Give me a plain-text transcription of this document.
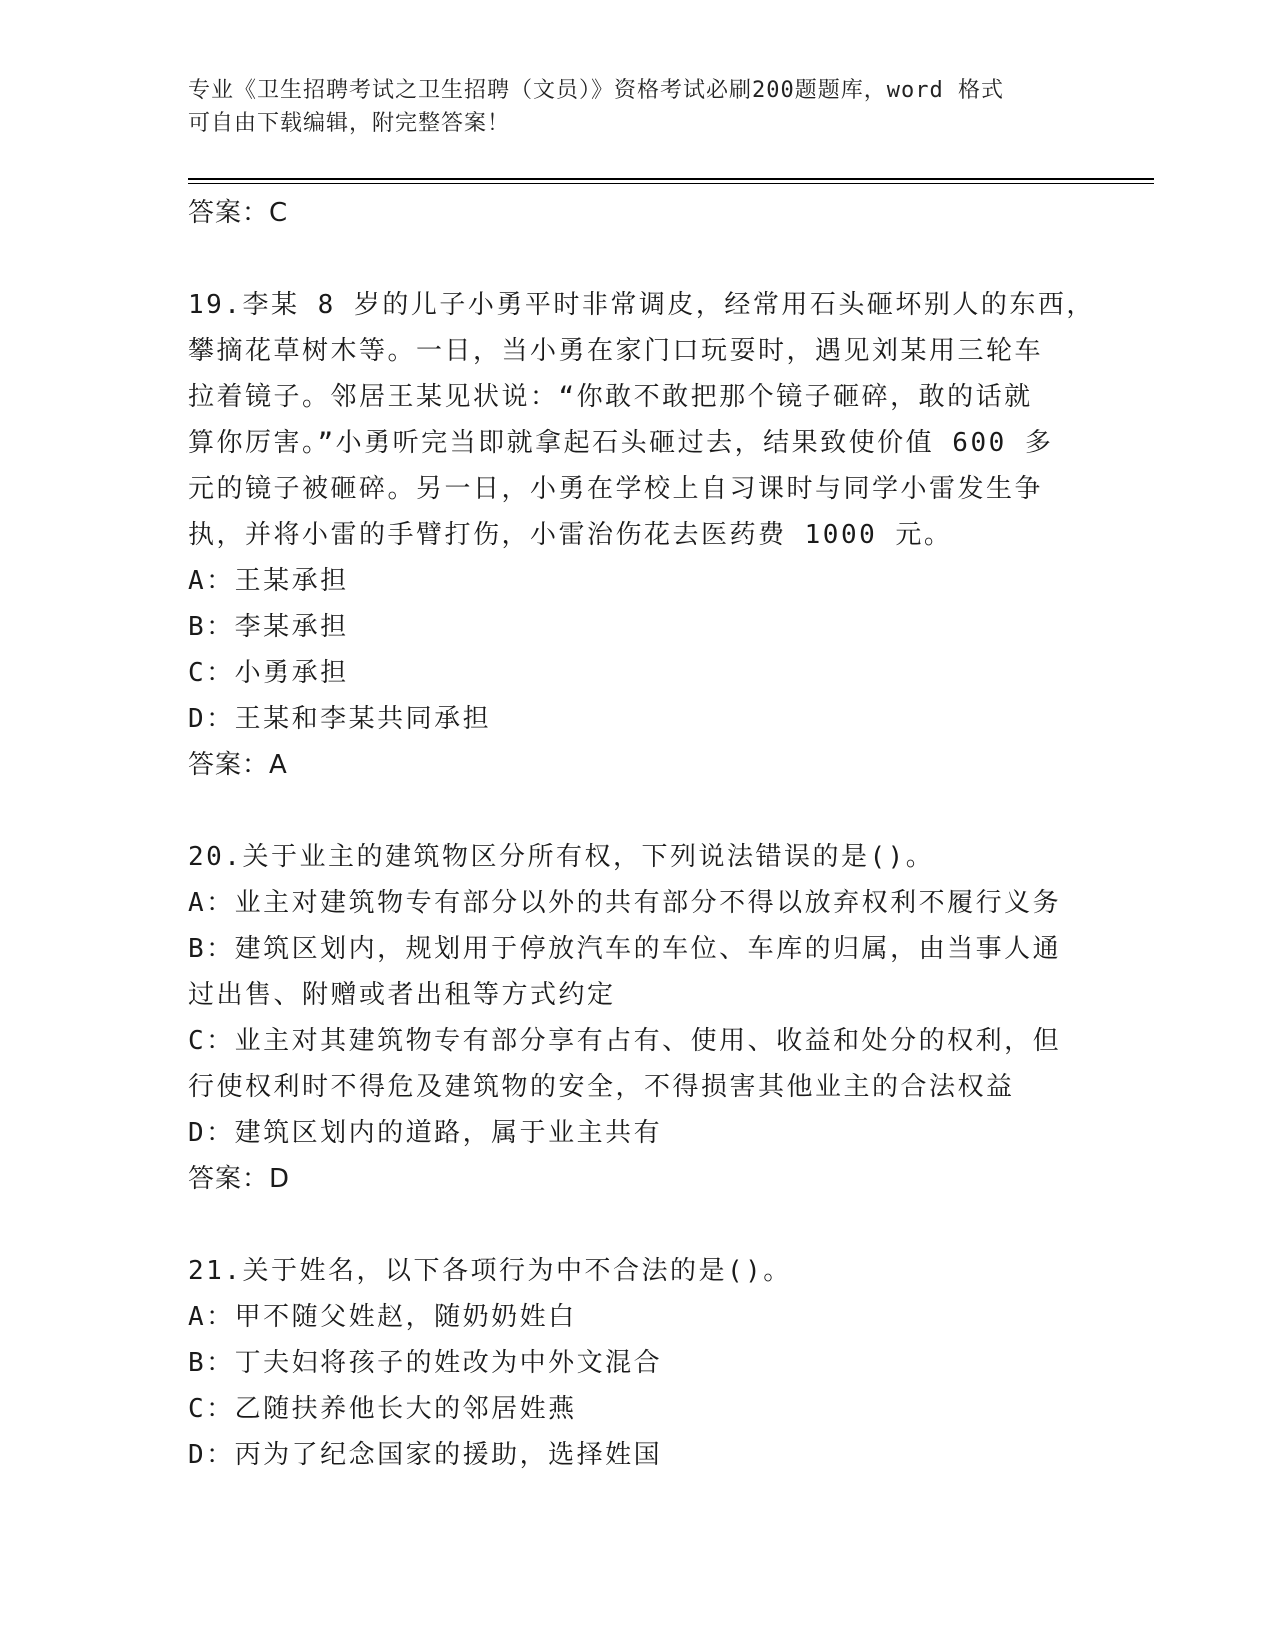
专业《卫生招聘考试之卫生招聘（文员）》资格考试必刷200题题库，word 格式
可自由下载编辑，附完整答案！
答案：C
19.李某 8 岁的儿子小勇平时非常调皮，经常用石头砸坏别人的东西，
攀摘花草树木等。一日，当小勇在家门口玩耍时，遇见刘某用三轮车
拉着镜子。邻居王某见状说：“你敢不敢把那个镜子砸碎，敢的话就
算你厉害。”小勇听完当即就拿起石头砸过去，结果致使价值 600 多
元的镜子被砸碎。另一日，小勇在学校上自习课时与同学小雷发生争
执，并将小雷的手臂打伤，小雷治伤花去医药费 1000 元。
A：王某承担
B：李某承担
C：小勇承担
D：王某和李某共同承担
答案：A
20.关于业主的建筑物区分所有权，下列说法错误的是()。
A：业主对建筑物专有部分以外的共有部分不得以放弃权利不履行义务
B：建筑区划内，规划用于停放汽车的车位、车库的归属，由当事人通
过出售、附赠或者出租等方式约定
C：业主对其建筑物专有部分享有占有、使用、收益和处分的权利，但
行使权利时不得危及建筑物的安全，不得损害其他业主的合法权益
D：建筑区划内的道路，属于业主共有
答案：D
21.关于姓名，以下各项行为中不合法的是()。
A：甲不随父姓赵，随奶奶姓白
B：丁夫妇将孩子的姓改为中外文混合
C：乙随扶养他长大的邻居姓燕
D：丙为了纪念国家的援助，选择姓国
